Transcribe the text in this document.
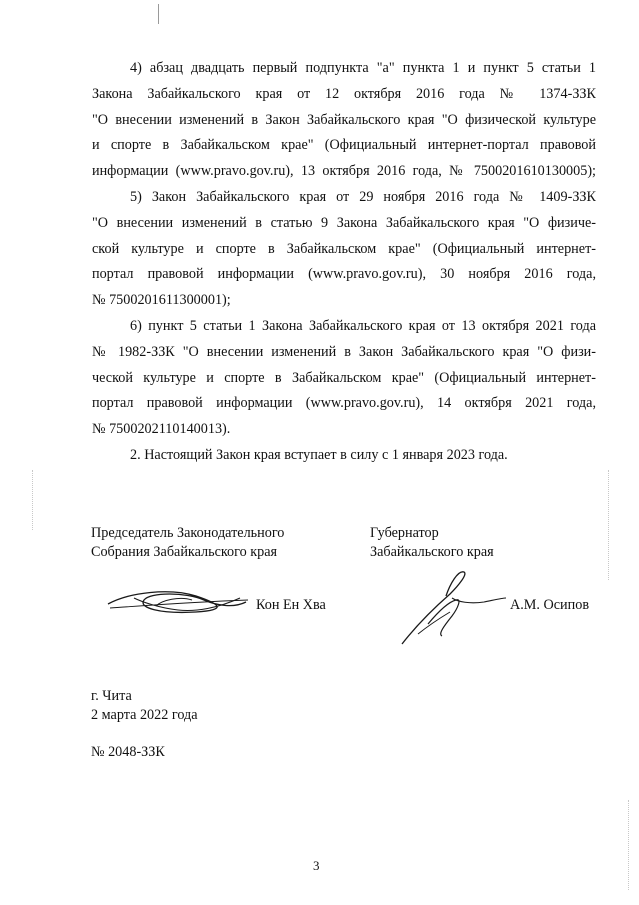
4) абзац двадцать первый подпункта "а" пункта 1 и пункт 5 статьи 1
Закона Забайкальского края от 12 октября 2016 года № 1374-ЗЗК
"О внесении изменений в Закон Забайкальского края "О физической культуре
и спорте в Забайкальском крае" (Официальный интернет-портал правовой
информации (www.pravo.gov.ru), 13 октября 2016 года, № 7500201610130005);
5) Закон Забайкальского края от 29 ноября 2016 года № 1409-ЗЗК
"О внесении изменений в статью 9 Закона Забайкальского края "О физиче-
ской культуре и спорте в Забайкальском крае" (Официальный интернет-
портал правовой информации (www.pravo.gov.ru), 30 ноября 2016 года,
№ 7500201611300001);
6) пункт 5 статьи 1 Закона Забайкальского края от 13 октября 2021 года
№ 1982-ЗЗК "О внесении изменений в Закон Забайкальского края "О физи-
ческой культуре и спорте в Забайкальском крае" (Официальный интернет-
портал правовой информации (www.pravo.gov.ru), 14 октября 2021 года,
№ 7500202110140013).
2. Настоящий Закон края вступает в силу с 1 января 2023 года.
Председатель Законодательного
Собрания Забайкальского края
Кон Ен Хва
Губернатор
Забайкальского края
А.М. Осипов
г. Чита
2 марта 2022 года
№ 2048-ЗЗК
3
